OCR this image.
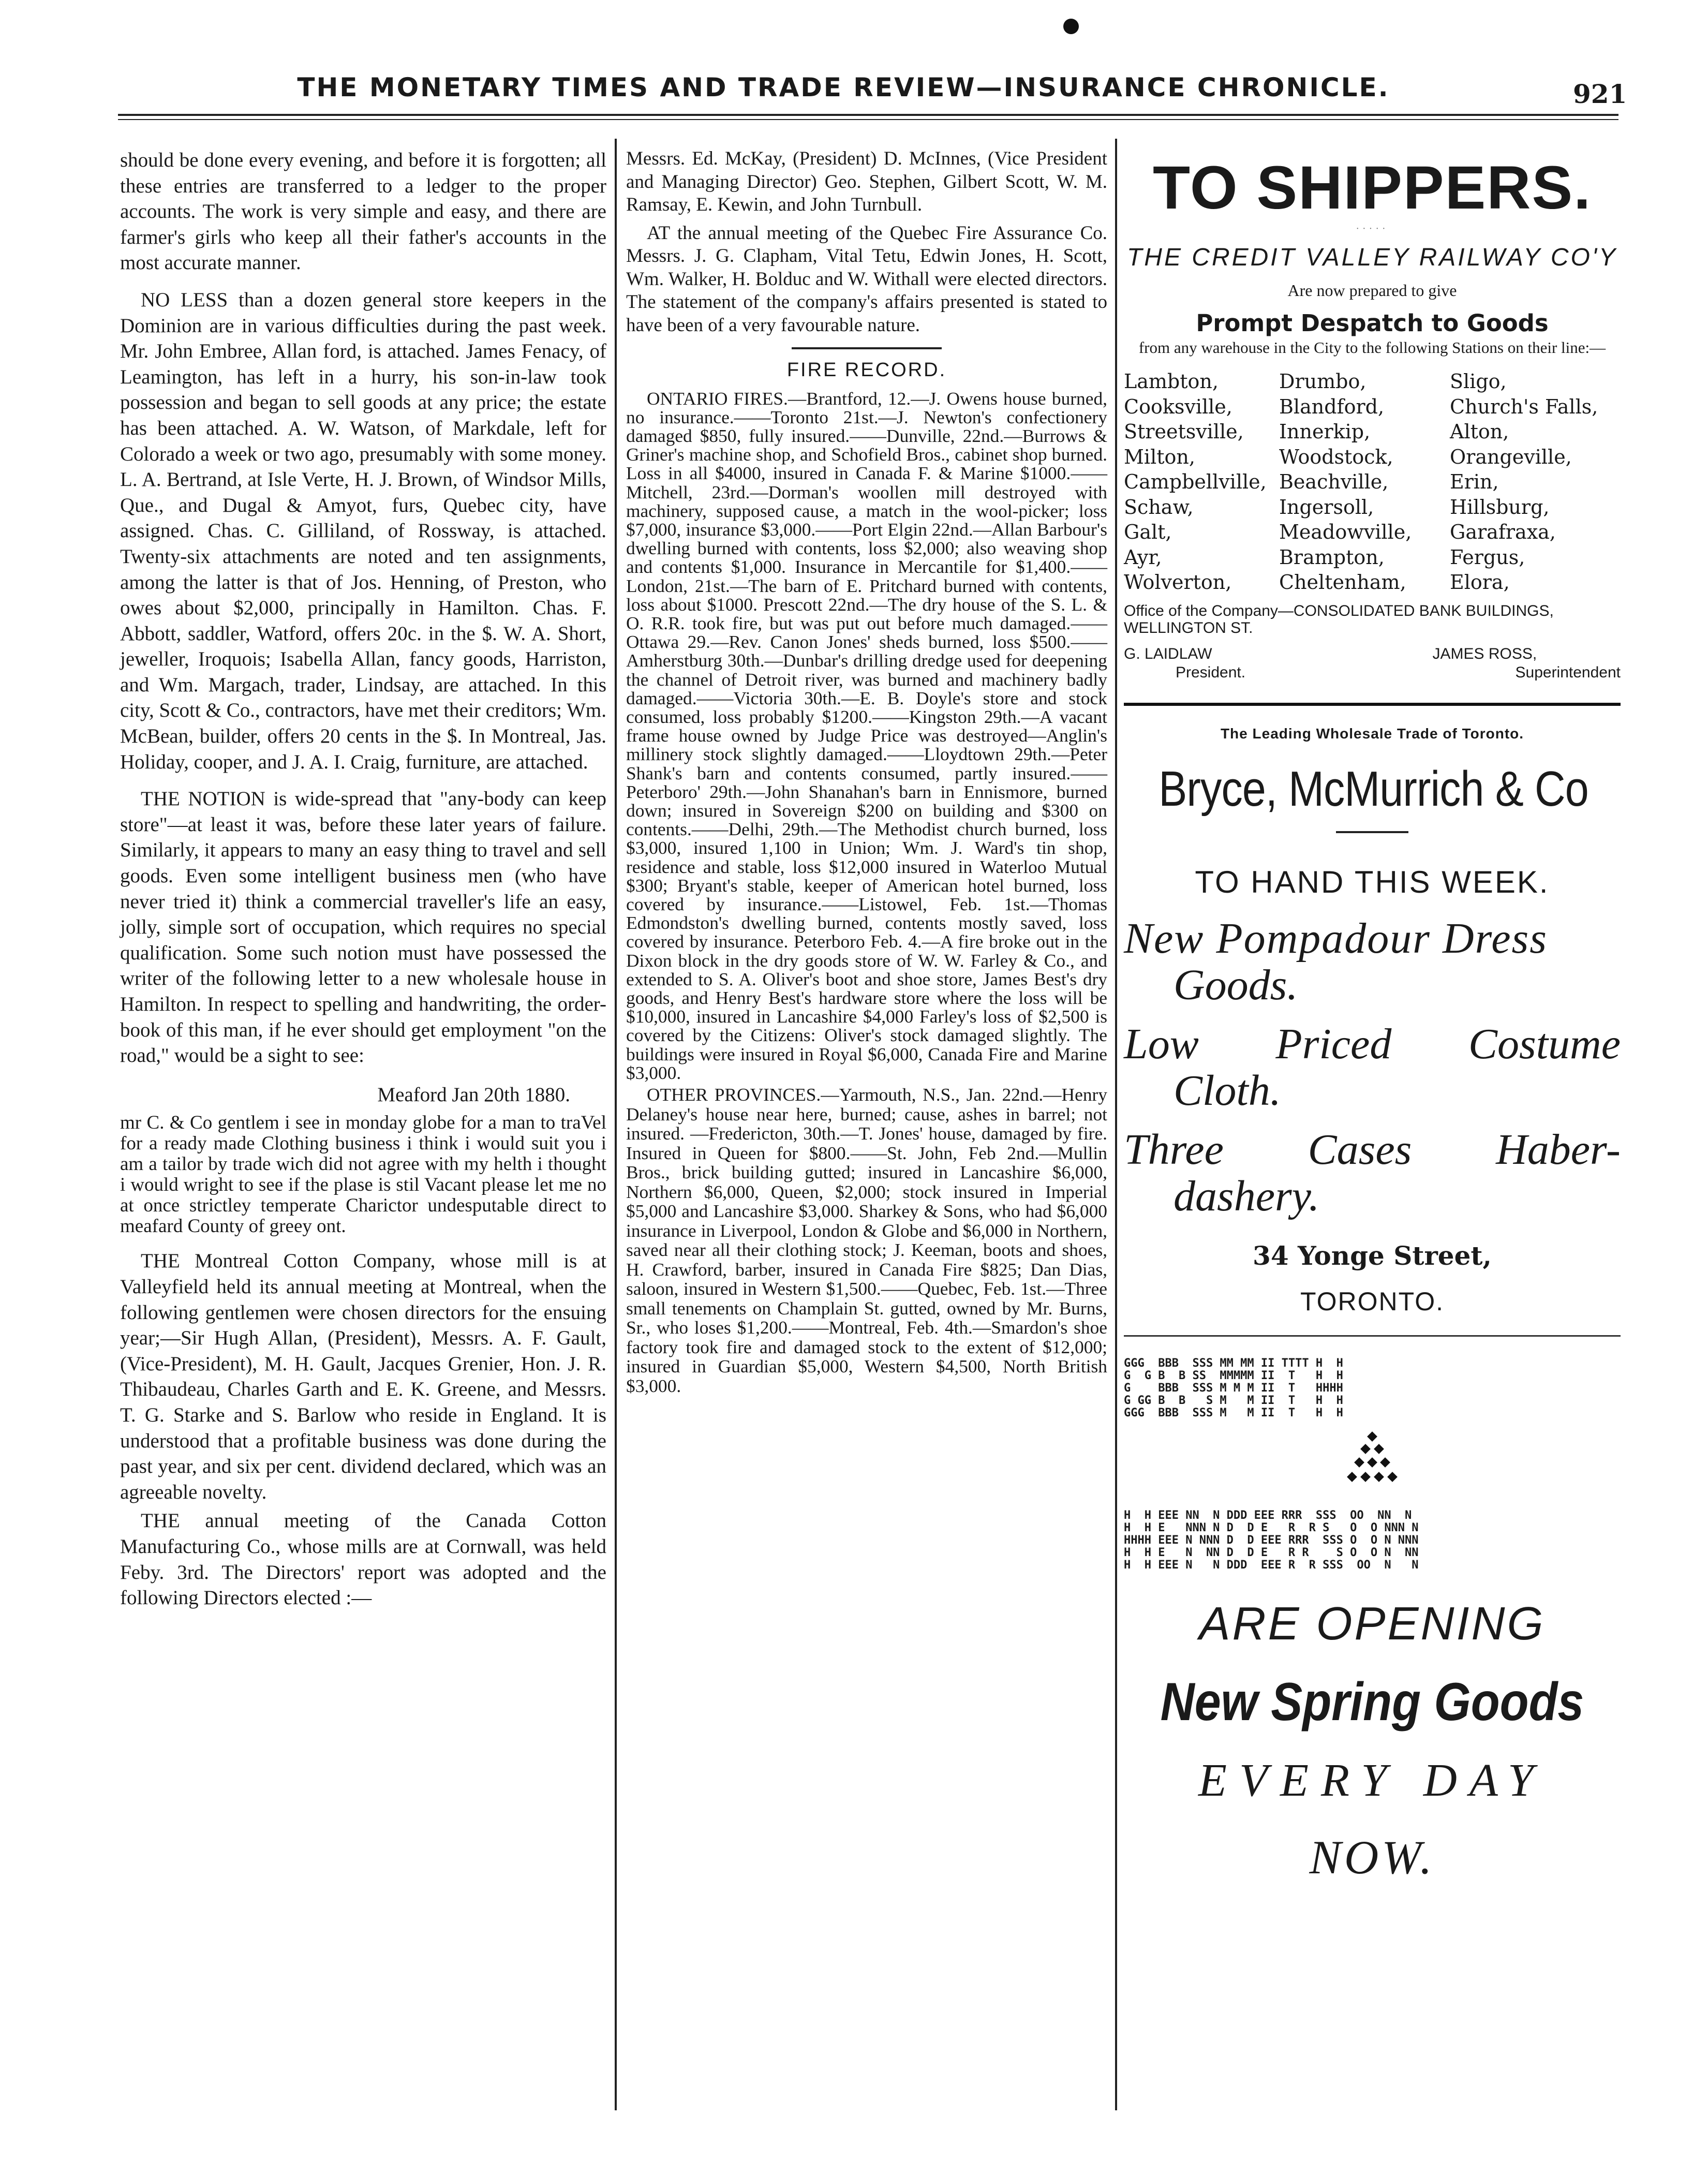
THE MONETARY TIMES AND TRADE REVIEW—INSURANCE CHRONICLE.	921

should be done every evening, and before it is forgotten; all these entries are transferred to a ledger to the proper accounts. The work is very simple and easy, and there are farmer's girls who keep all their father's accounts in the most accurate manner.

NO LESS than a dozen general store keepers in the Dominion are in various difficulties during the past week. Mr. John Embree, Allan ford, is attached. James Fenacy, of Leamington, has left in a hurry, his son-in-law took possession and began to sell goods at any price; the estate has been attached. A. W. Watson, of Markdale, left for Colorado a week or two ago, presumably with some money. L. A. Bertrand, at Isle Verte, H. J. Brown, of Windsor Mills, Que., and Dugal & Amyot, furs, Quebec city, have assigned. Chas. C. Gilliland, of Rossway, is attached. Twenty-six attachments are noted and ten assignments, among the latter is that of Jos. Henning, of Preston, who owes about $2,000, principally in Hamilton. Chas. F. Abbott, saddler, Watford, offers 20c. in the $. W. A. Short, jeweller, Iroquois; Isabella Allan, fancy goods, Harriston, and Wm. Margach, trader, Lindsay, are attached. In this city, Scott & Co., contractors, have met their creditors; Wm. McBean, builder, offers 20 cents in the $. In Montreal, Jas. Holiday, cooper, and J. A. I. Craig, furniture, are attached.

THE NOTION is wide-spread that "any-body can keep store"—at least it was, before these later years of failure. Similarly, it appears to many an easy thing to travel and sell goods. Even some intelligent business men (who have never tried it) think a commercial traveller's life an easy, jolly, simple sort of occupation, which requires no special qualification. Some such notion must have possessed the writer of the following letter to a new wholesale house in Hamilton. In respect to spelling and handwriting, the order-book of this man, if he ever should get employment "on the road," would be a sight to see:

Meaford Jan 20th 1880.

mr C. & Co gentlem i see in monday globe for a man to traVel for a ready made Clothing business i think i would suit you i am a tailor by trade wich did not agree with my helth i thought i would wright to see if the plase is stil Vacant please let me no at once strictley temperate Charictor undesputable direct to meafard County of greey ont.

THE Montreal Cotton Company, whose mill is at Valleyfield held its annual meeting at Montreal, when the following gentlemen were chosen directors for the ensuing year;—Sir Hugh Allan, (President), Messrs. A. F. Gault, (Vice-President), M. H. Gault, Jacques Grenier, Hon. J. R. Thibaudeau, Charles Garth and E. K. Greene, and Messrs. T. G. Starke and S. Barlow who reside in England. It is understood that a profitable business was done during the past year, and six per cent. dividend declared, which was an agreeable novelty.

THE annual meeting of the Canada Cotton Manufacturing Co., whose mills are at Cornwall, was held Feby. 3rd. The Directors' report was adopted and the following Directors elected :—

Messrs. Ed. McKay, (President) D. McInnes, (Vice President and Managing Director) Geo. Stephen, Gilbert Scott, W. M. Ramsay, E. Kewin, and John Turnbull.

AT the annual meeting of the Quebec Fire Assurance Co. Messrs. J. G. Clapham, Vital Tetu, Edwin Jones, H. Scott, Wm. Walker, H. Bolduc and W. Withall were elected directors. The statement of the company's affairs presented is stated to have been of a very favourable nature.

FIRE RECORD.

ONTARIO FIRES.—Brantford, 12.—J. Owens house burned, no insurance.——Toronto 21st.—J. Newton's confectionery damaged $850, fully insured.——Dunville, 22nd.—Burrows & Griner's machine shop, and Schofield Bros., cabinet shop burned. Loss in all $4000, insured in Canada F. & Marine $1000.—— Mitchell, 23rd.—Dorman's woollen mill destroyed with machinery, supposed cause, a match in the wool-picker; loss $7,000, insurance $3,000.——Port Elgin 22nd.—Allan Barbour's dwelling burned with contents, loss $2,000; also weaving shop and contents $1,000. Insurance in Mercantile for $1,400.——London, 21st.—The barn of E. Pritchard burned with contents, loss about $1000. Prescott 22nd.—The dry house of the S. L. & O. R.R. took fire, but was put out before much damaged.——Ottawa 29.—Rev. Canon Jones' sheds burned, loss $500.——Amherstburg 30th.—Dunbar's drilling dredge used for deepening the channel of Detroit river, was burned and machinery badly damaged.——Victoria 30th.—E. B. Doyle's store and stock consumed, loss probably $1200.——Kingston 29th.—A vacant frame house owned by Judge Price was destroyed—Anglin's millinery stock slightly damaged.——Lloydtown 29th.—Peter Shank's barn and contents consumed, partly insured.——Peterboro' 29th.—John Shanahan's barn in Ennismore, burned down; insured in Sovereign $200 on building and $300 on contents.——Delhi, 29th.—The Methodist church burned, loss $3,000, insured 1,100 in Union; Wm. J. Ward's tin shop, residence and stable, loss $12,000 insured in Waterloo Mutual $300; Bryant's stable, keeper of American hotel burned, loss covered by insurance.——Listowel, Feb. 1st.—Thomas Edmondston's dwelling burned, contents mostly saved, loss covered by insurance. Peterboro Feb. 4.—A fire broke out in the Dixon block in the dry goods store of W. W. Farley & Co., and extended to S. A. Oliver's boot and shoe store, James Best's dry goods, and Henry Best's hardware store where the loss will be $10,000, insured in Lancashire $4,000 Farley's loss of $2,500 is covered by the Citizens: Oliver's stock damaged slightly. The buildings were insured in Royal $6,000, Canada Fire and Marine $3,000.

OTHER PROVINCES.—Yarmouth, N.S., Jan. 22nd.—Henry Delaney's house near here, burned; cause, ashes in barrel; not insured. —Fredericton, 30th.—T. Jones' house, damaged by fire. Insured in Queen for $800.——St. John, Feb 2nd.—Mullin Bros., brick building gutted; insured in Lancashire $6,000, Northern $6,000, Queen, $2,000; stock insured in Imperial $5,000 and Lancashire $3,000. Sharkey & Sons, who had $6,000 insurance in Liverpool, London & Globe and $6,000 in Northern, saved near all their clothing stock; J. Keeman, boots and shoes, H. Crawford, barber, insured in Canada Fire $825; Dan Dias, saloon, insured in Western $1,500.——Quebec, Feb. 1st.—Three small tenements on Champlain St. gutted, owned by Mr. Burns, Sr., who loses $1,200.——Montreal, Feb. 4th.—Smardon's shoe factory took fire and damaged stock to the extent of $12,000; insured in Guardian $5,000, Western $4,500, North British $3,000.

TO SHIPPERS.
·····
THE CREDIT VALLEY RAILWAY CO'Y
Are now prepared to give
Prompt Despatch to Goods
from any warehouse in the City to the following Stations on their line:—
Lambton,	Drumbo,	Sligo,
Cooksville,	Blandford,	Church's Falls,
Streetsville,	Innerkip,	Alton,
Milton,	Woodstock,	Orangeville,
Campbellville, Beachville,	Erin,
Schaw,	Ingersoll,	Hillsburg,
Galt,	Meadowville,	Garafraxa,
Ayr,	Brampton,	Fergus,
Wolverton,	Cheltenham,	Elora,
Office of the Company—CONSOLIDATED BANK BUILDINGS, WELLINGTON ST.
G. LAIDLAW
President.
JAMES ROSS,
Superintendent
The Leading Wholesale Trade of Toronto.
Bryce, McMurrich & Co
TO HAND THIS WEEK.
New Pompadour Dress
Goods.
Low Priced Costume
Cloth.
Three Cases Haber-
dashery.
34 Yonge Street,
TORONTO.
GGG  BBB  SSS MM MM II TTTT H  H
G  G B  B SS  MMMMM II  T   H  H
G    BBB  SSS M M M II  T   HHHH
G GG B  B   S M   M II  T   H  H
GGG  BBB  SSS M   M II  T   H  H
H  H EEE NN  N DDD EEE RRR  SSS  OO  NN  N
H  H E   NNN N D  D E   R  R S   O  O NNN N
HHHH EEE N NNN D  D EEE RRR  SSS O  O N NNN
H  H E   N  NN D  D E   R R    S O  O N  NN
H  H EEE N   N DDD  EEE R  R SSS  OO  N   N
ARE OPENING
New Spring Goods
EVERY DAY
NOW.
